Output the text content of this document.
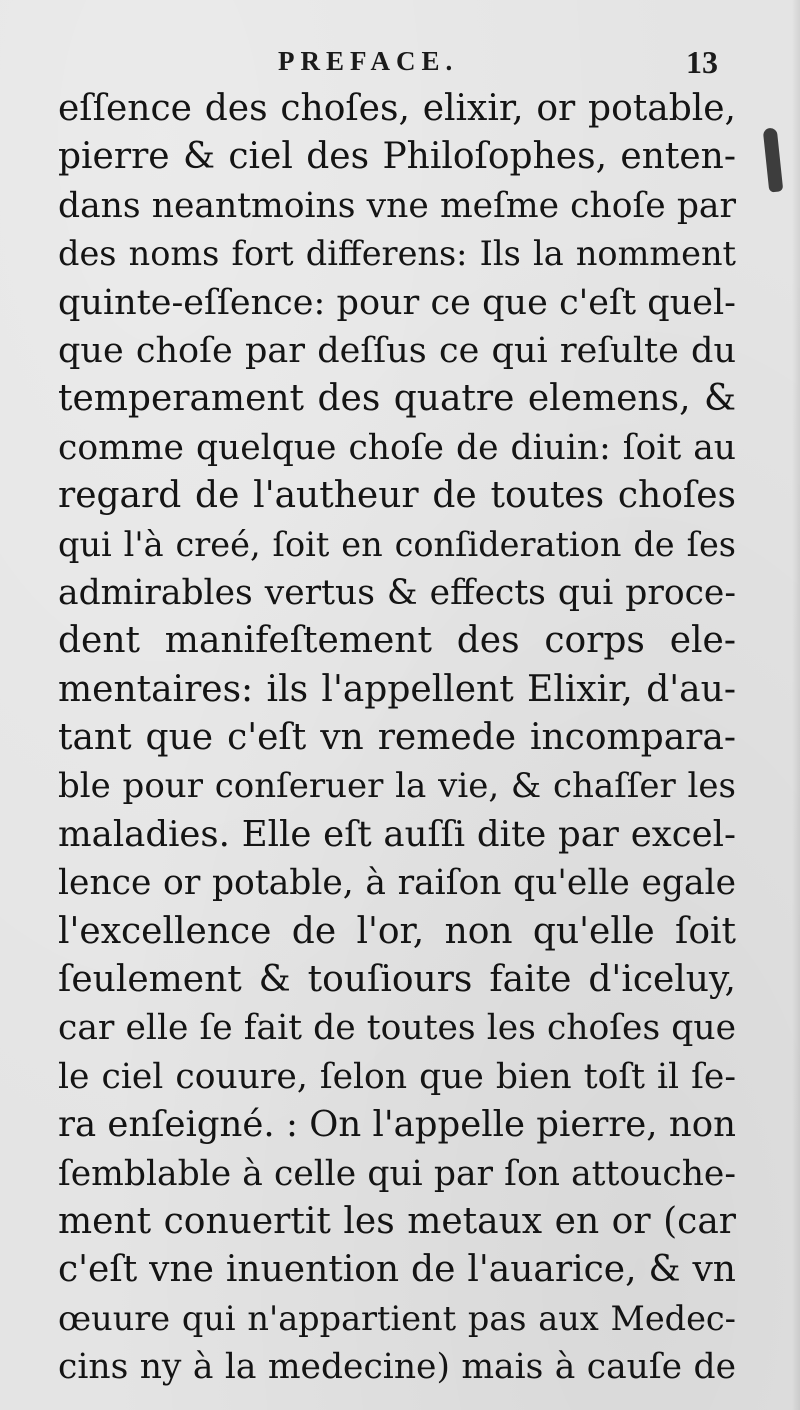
PREFACE.	13
eſſence des choſes, elixir, or potable,
pierre & ciel des Philoſophes, enten-
dans neantmoins vne meſme choſe par
des noms fort differens: Ils la nomment
quinte-eſſence: pour ce que c'eſt quel-
que choſe par deſſus ce qui reſulte du
temperament des quatre elemens, &
comme quelque choſe de diuin: ſoit au
regard de l'autheur de toutes choſes
qui l'à creé, ſoit en conſideration de ſes
admirables vertus & effects qui proce-
dent manifeſtement des corps ele-
mentaires: ils l'appellent Elixir, d'au-
tant que c'eſt vn remede incompara-
ble pour conſeruer la vie, & chaſſer les
maladies. Elle eſt auſſi dite par excel-
lence or potable, à raiſon qu'elle egale
l'excellence de l'or, non qu'elle ſoit
ſeulement & touſiours faite d'iceluy,
car elle ſe fait de toutes les choſes que
le ciel couure, ſelon que bien toſt il ſe-
ra enſeigné. : On l'appelle pierre, non
ſemblable à celle qui par ſon attouche-
ment conuertit les metaux en or (car
c'eſt vne inuention de l'auarice, & vn
œuure qui n'appartient pas aux Medec-
cins ny à la medecine) mais à cauſe de
